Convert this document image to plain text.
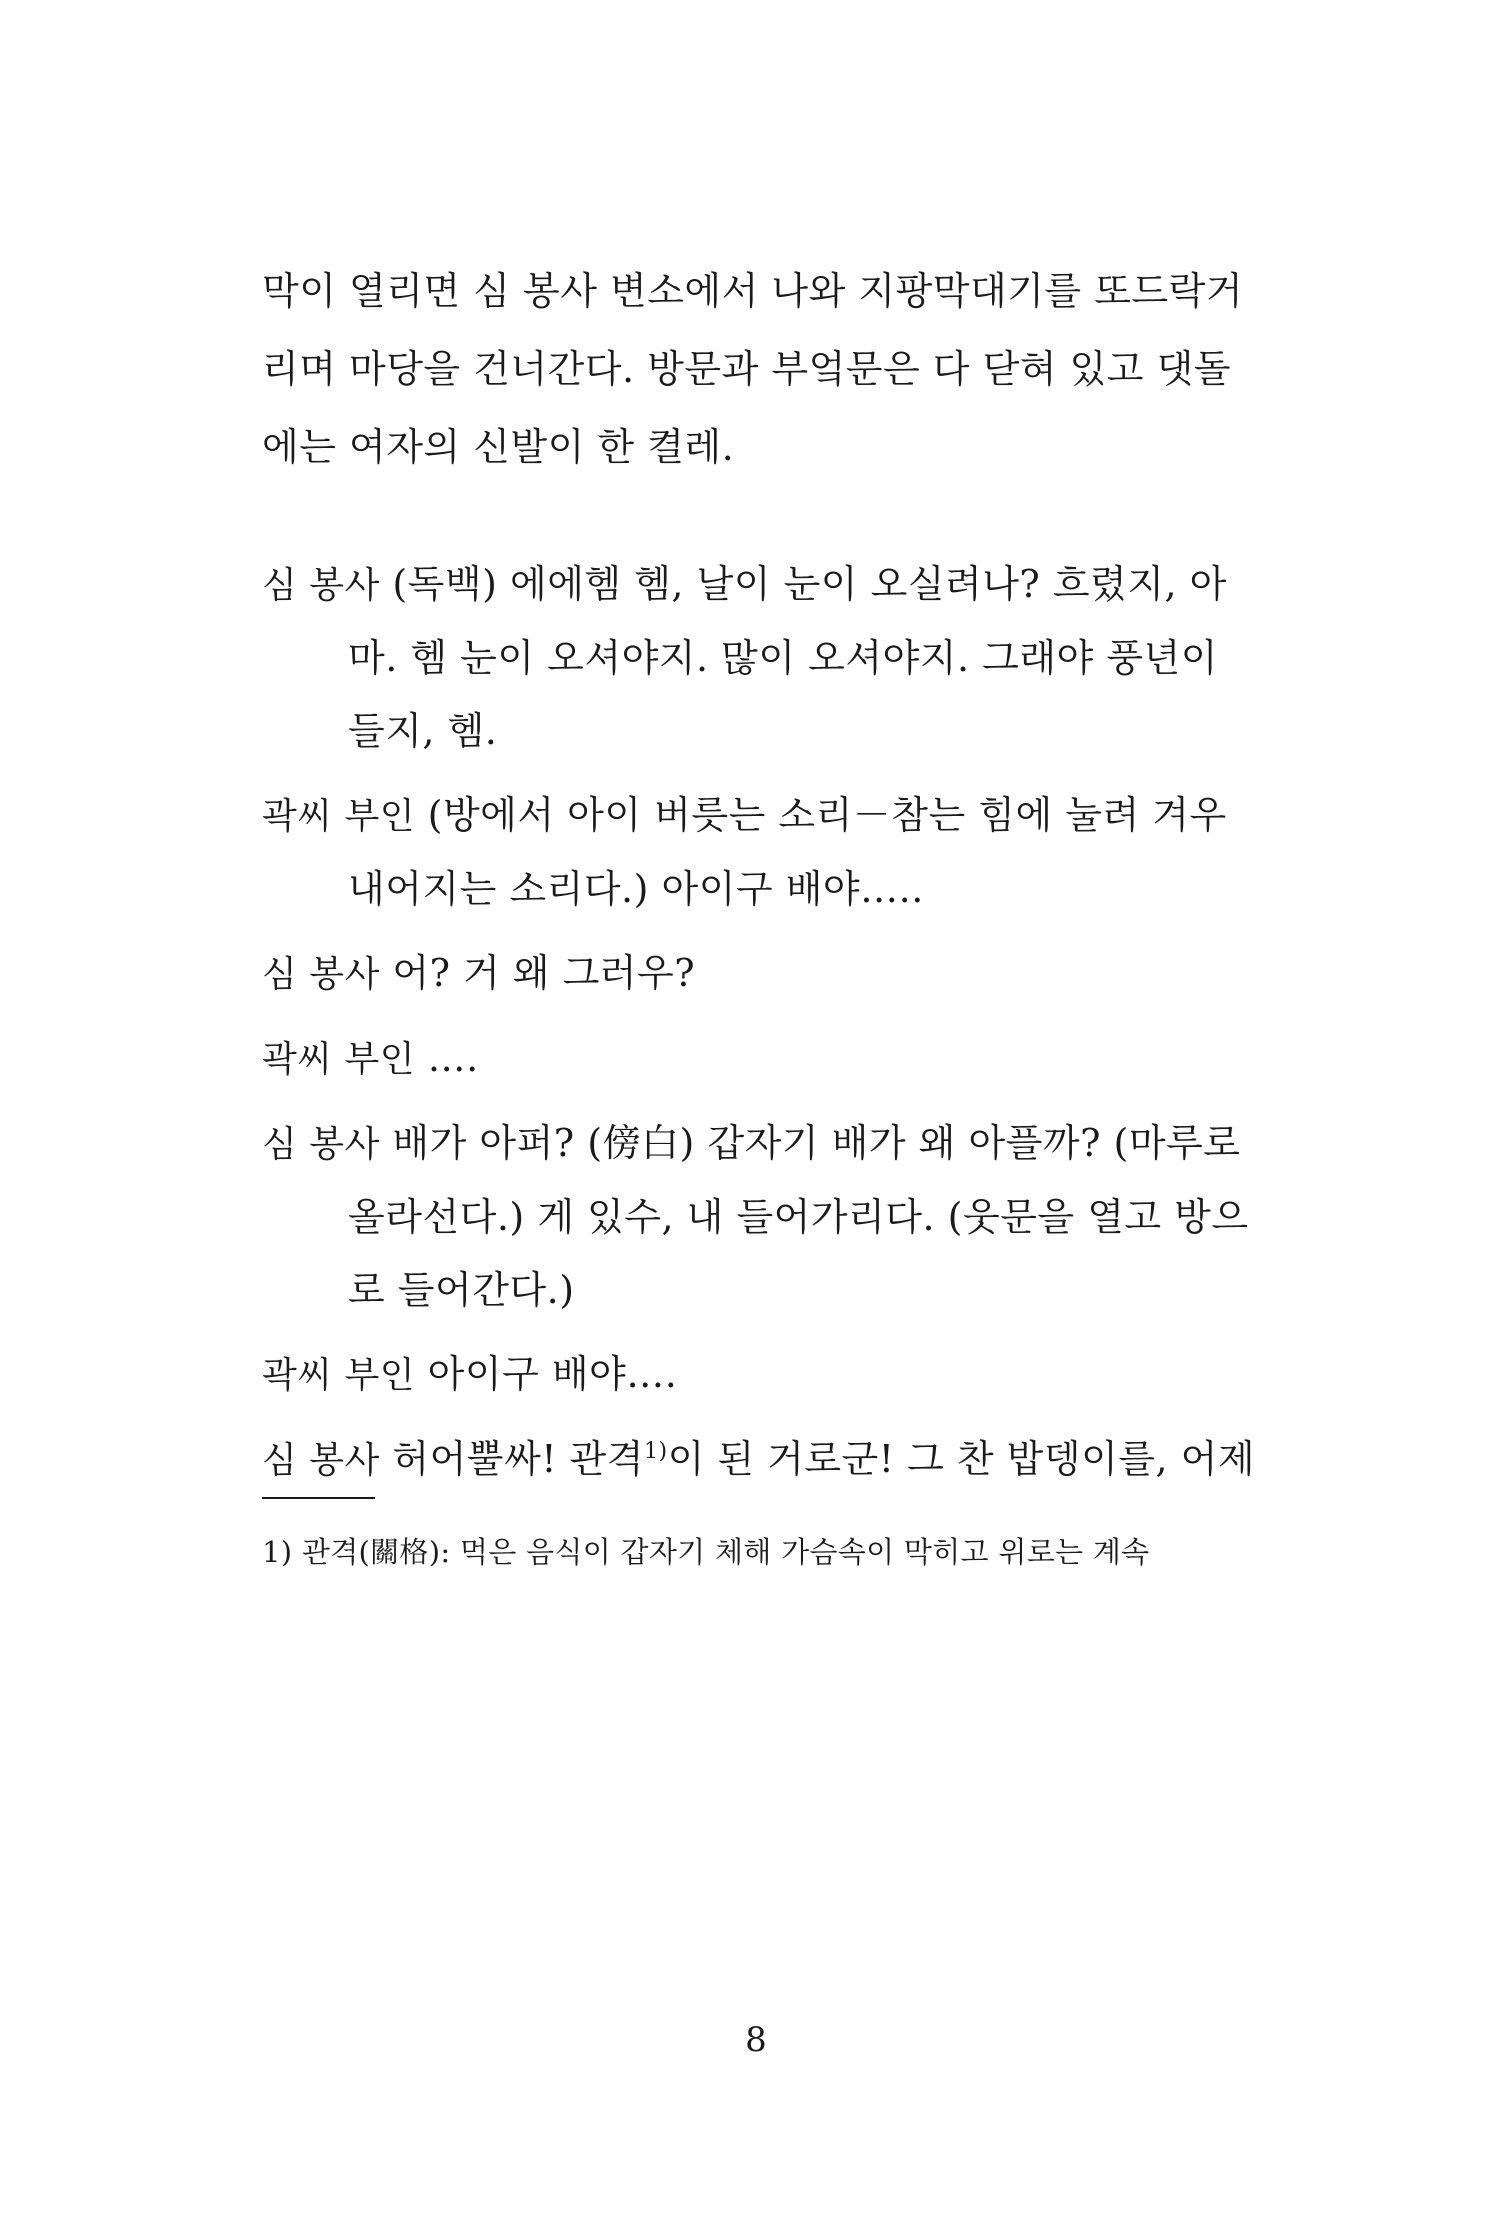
막이 열리면 심 봉사 변소에서 나와 지팡막대기를 또드락거
리며 마당을 건너간다. 방문과 부엌문은 다 닫혀 있고 댓돌
에는 여자의 신발이 한 켤레.
심 봉사 (독백) 에에헴 헴, 날이 눈이 오실려나? 흐렸지, 아
마. 헴 눈이 오셔야지. 많이 오셔야지. 그래야 풍년이
들지, 헴.
곽씨 부인 (방에서 아이 버릇는 소리－참는 힘에 눌려 겨우
내어지는 소리다.) 아이구 배야…..
심 봉사 어? 거 왜 그러우?
곽씨 부인 ….
심 봉사 배가 아퍼? (傍白) 갑자기 배가 왜 아플까? (마루로
올라선다.) 게 있수, 내 들어가리다. (웃문을 열고 방으
로 들어간다.)
곽씨 부인 아이구 배야….
심 봉사 허어뿔싸! 관격$^{1)}$이 된 거로군! 그 찬 밥뎅이를, 어제
1) 관격(關格): 먹은 음식이 갑자기 체해 가슴속이 막히고 위로는 계속
8
